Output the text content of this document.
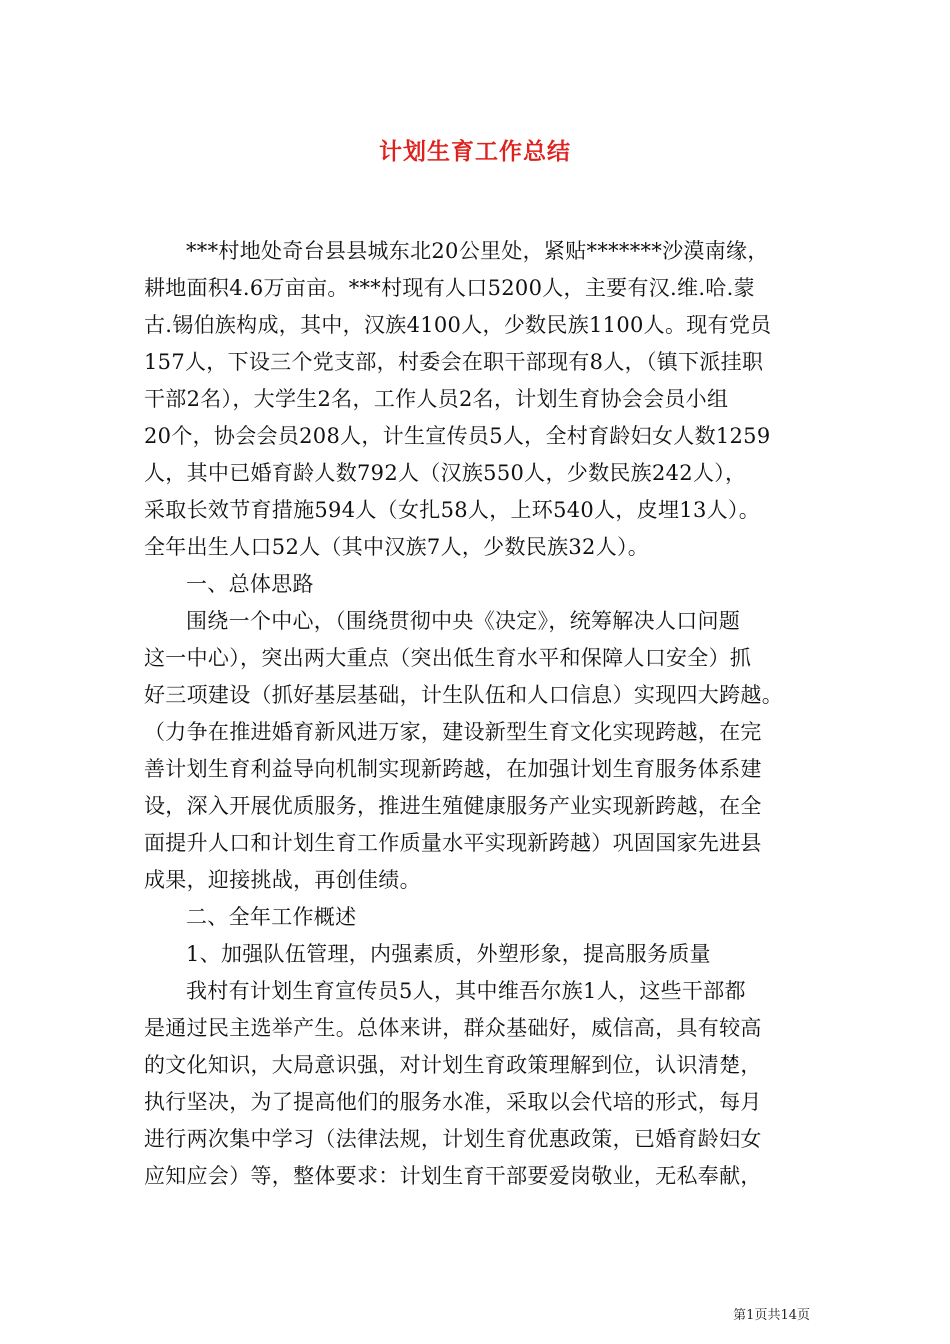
计划生育工作总结
***村地处奇台县县城东北20公里处，紧贴*******沙漠南缘，
耕地面积4.6万亩亩。***村现有人口5200人，主要有汉.维.哈.蒙
古.锡伯族构成，其中，汉族4100人，少数民族1100人。现有党员
157人，下设三个党支部，村委会在职干部现有8人，（镇下派挂职
干部2名），大学生2名，工作人员2名，计划生育协会会员小组
20个，协会会员208人，计生宣传员5人，全村育龄妇女人数1259
人，其中已婚育龄人数792人（汉族550人，少数民族242人），
采取长效节育措施594人（女扎58人，上环540人，皮埋13人）。
全年出生人口52人（其中汉族7人，少数民族32人）。
一、总体思路
围绕一个中心，（围绕贯彻中央《决定》，统筹解决人口问题
这一中心），突出两大重点（突出低生育水平和保障人口安全）抓
好三项建设（抓好基层基础，计生队伍和人口信息）实现四大跨越。
（力争在推进婚育新风进万家，建设新型生育文化实现跨越，在完
善计划生育利益导向机制实现新跨越，在加强计划生育服务体系建
设，深入开展优质服务，推进生殖健康服务产业实现新跨越，在全
面提升人口和计划生育工作质量水平实现新跨越）巩固国家先进县
成果，迎接挑战，再创佳绩。
二、全年工作概述
1、加强队伍管理，内强素质，外塑形象，提高服务质量
我村有计划生育宣传员5人，其中维吾尔族1人，这些干部都
是通过民主选举产生。总体来讲，群众基础好，威信高，具有较高
的文化知识，大局意识强，对计划生育政策理解到位，认识清楚，
执行坚决，为了提高他们的服务水准，采取以会代培的形式，每月
进行两次集中学习（法律法规，计划生育优惠政策，已婚育龄妇女
应知应会）等，整体要求：计划生育干部要爱岗敬业，无私奉献，
第1页共14页
